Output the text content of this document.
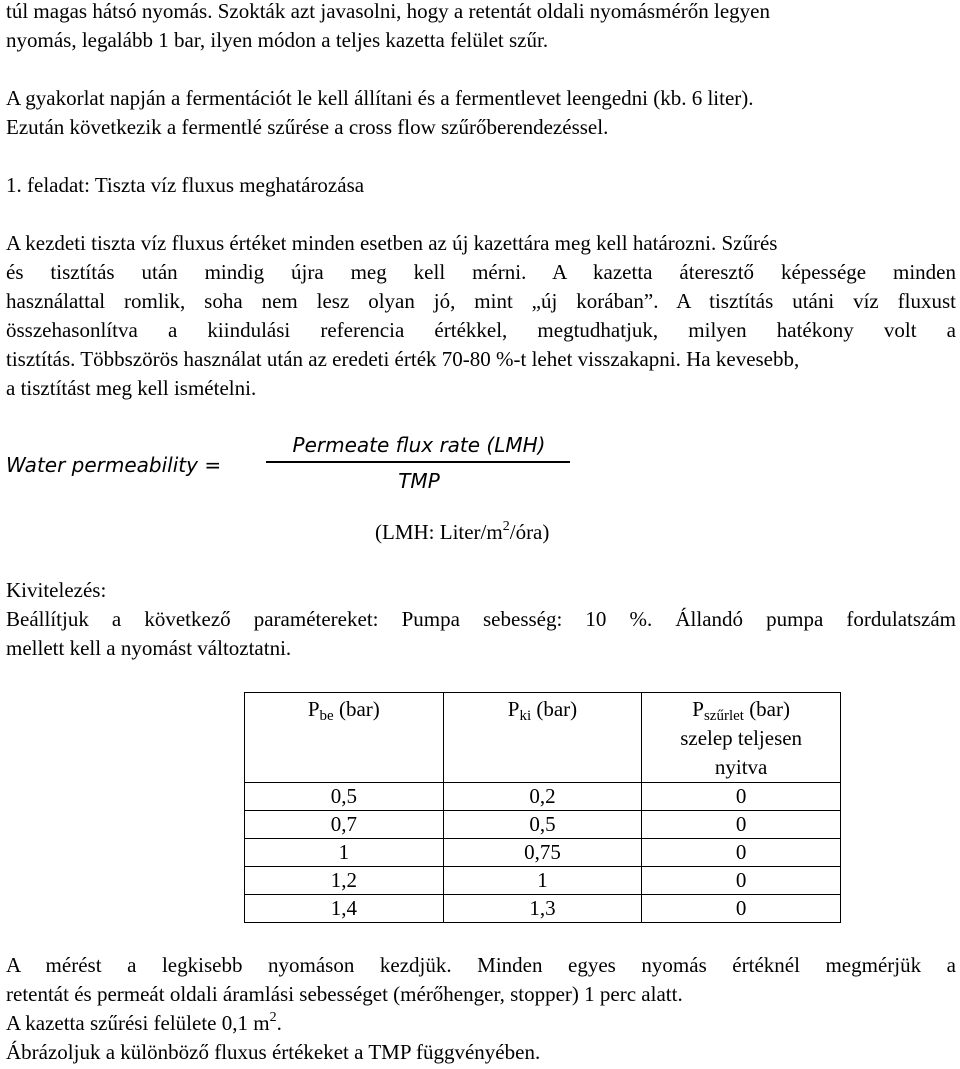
túl magas hátsó nyomás. Szokták azt javasolni, hogy a retentát oldali nyomásmérőn legyen

nyomás, legalább 1 bar, ilyen módon a teljes kazetta felület szűr.

A gyakorlat napján a fermentációt le kell állítani és a fermentlevet leengedni (kb. 6 liter).

Ezután következik a fermentlé szűrése a cross flow szűrőberendezéssel.

1. feladat: Tiszta víz fluxus meghatározása

A kezdeti tiszta víz fluxus értéket minden esetben az új kazettára meg kell határozni. Szűrés

és tisztítás után mindig újra meg kell mérni. A kazetta áteresztő képessége minden

használattal romlik, soha nem lesz olyan jó, mint „új korában”. A tisztítás utáni víz fluxust

összehasonlítva a kiindulási referencia értékkel, megtudhatjuk, milyen hatékony volt a

tisztítás. Többszörös használat után az eredeti érték 70-80 %-t lehet visszakapni. Ha kevesebb,

a tisztítást meg kell ismételni.

Water permeability =
Permeate flux rate (LMH)
TMP
(LMH: Liter/$m^2/óra$)
Kivitelezés:

Beállítjuk a következő paramétereket: Pumpa sebesség: 10 %. Állandó pumpa fordulatszám

mellett kell a nyomást változtatni.

$P_{be}$ (bar)	$P_{ki}$ (bar)	$P_{szűrlet}$ (bar)
szelep teljesen
nyitva

0,5	0,2	0
0,7	0,5	0
1	0,75	0
1,2	1	0
1,4	1,3	0

A mérést a legkisebb nyomáson kezdjük. Minden egyes nyomás értéknél megmérjük a

retentát és permeát oldali áramlási sebességet (mérőhenger, stopper) 1 perc alatt.

A kazetta szűrési felülete 0,1 $m^2$.

Ábrázoljuk a különböző fluxus értékeket a TMP függvényében.
